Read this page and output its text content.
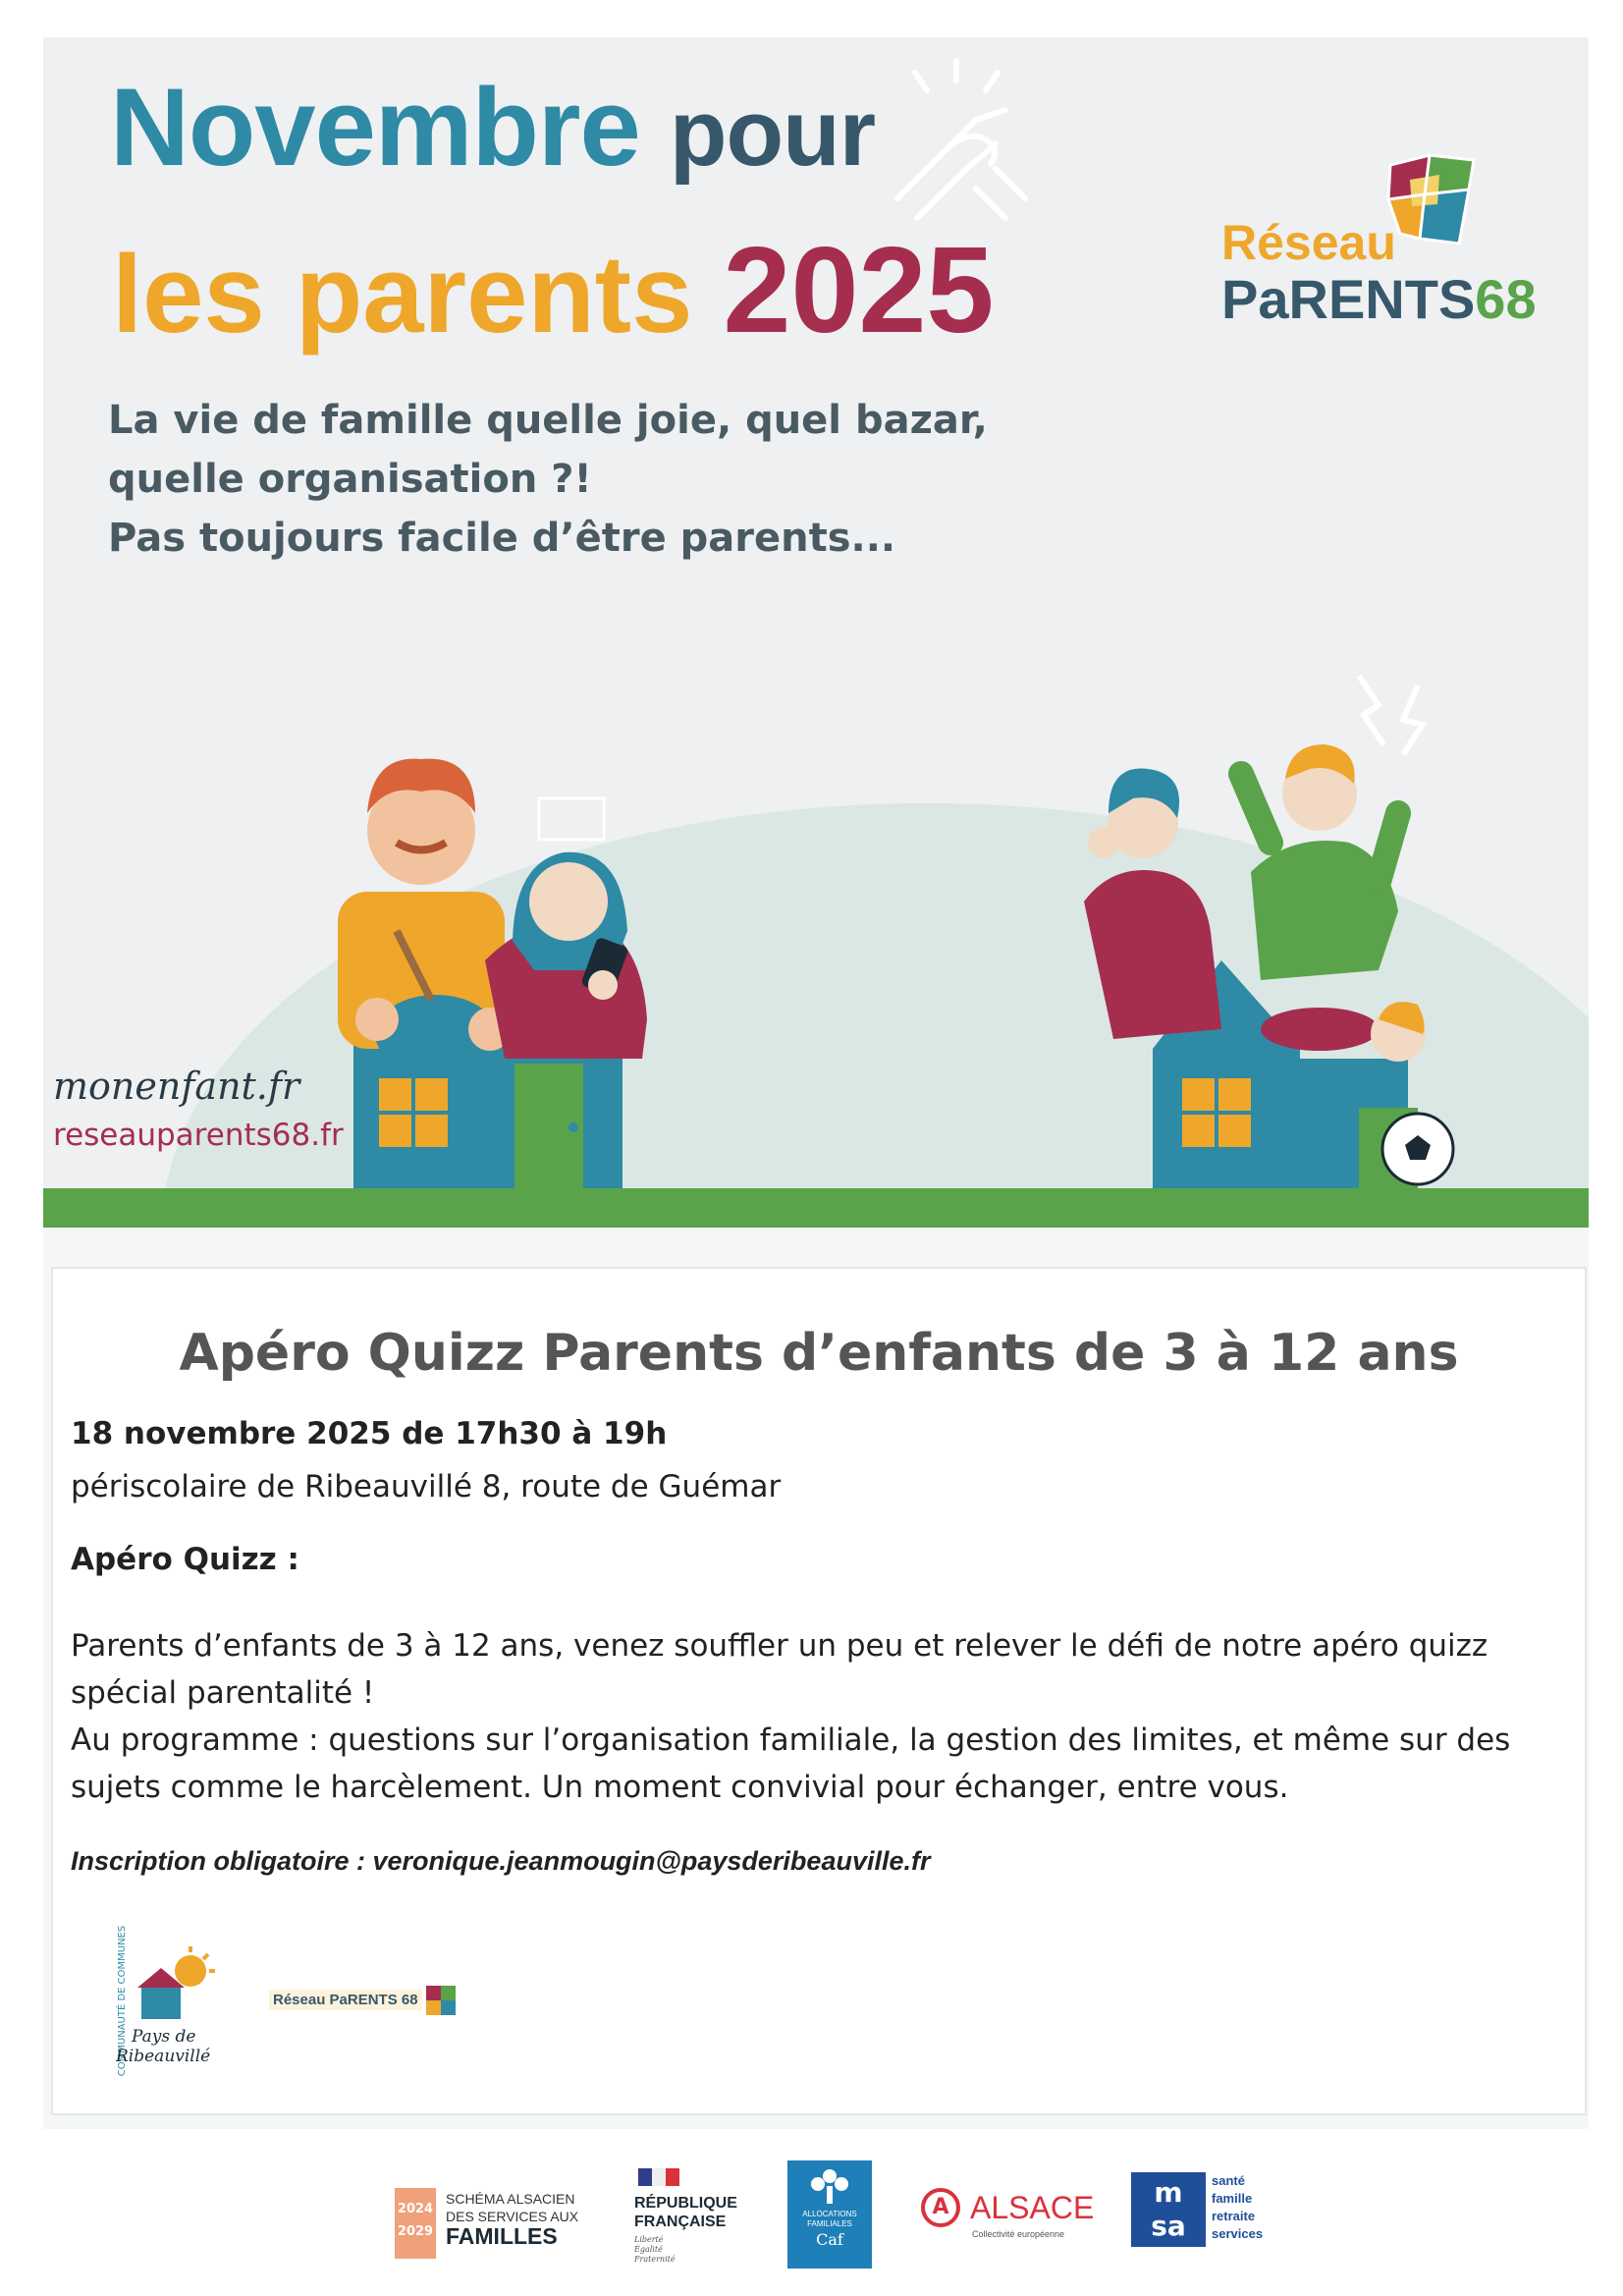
Novembre pour
les parents 2025
La vie de famille quelle joie, quel bazar,
quelle organisation ?!
Pas toujours facile d’être parents...
Réseau
PaRENTS68
monenfant.fr
reseauparents68.fr
Apéro Quizz Parents d’enfants de 3 à 12 ans
18 novembre 2025 de 17h30 à 19h
périscolaire de Ribeauvillé 8, route de Guémar
Apéro Quizz :

Parents d’enfants de 3 à 12 ans, venez souffler un peu et relever le défi de notre apéro quizz spécial parentalité !

Au programme : questions sur l’organisation familiale, la gestion des limites, et même sur des sujets comme le harcèlement. Un moment convivial pour échanger, entre vous.

Inscription obligatoire : veronique.jeanmougin@paysderibeauville.fr
COMMUNAUTÉ DE COMMUNES Pays de
Ribeauvillé
Réseau PaRENTS 68
2024
2029
SCHÉMA ALSACIEN
DES SERVICES AUX
FAMILLES
RÉPUBLIQUE
FRANÇAISE
Liberté
Égalité
Fraternité
ALLOCATIONS
FAMILIALES
Caf
A ALSACE
Collectivité européenne
m
sa
santé
famille
retraite
services
